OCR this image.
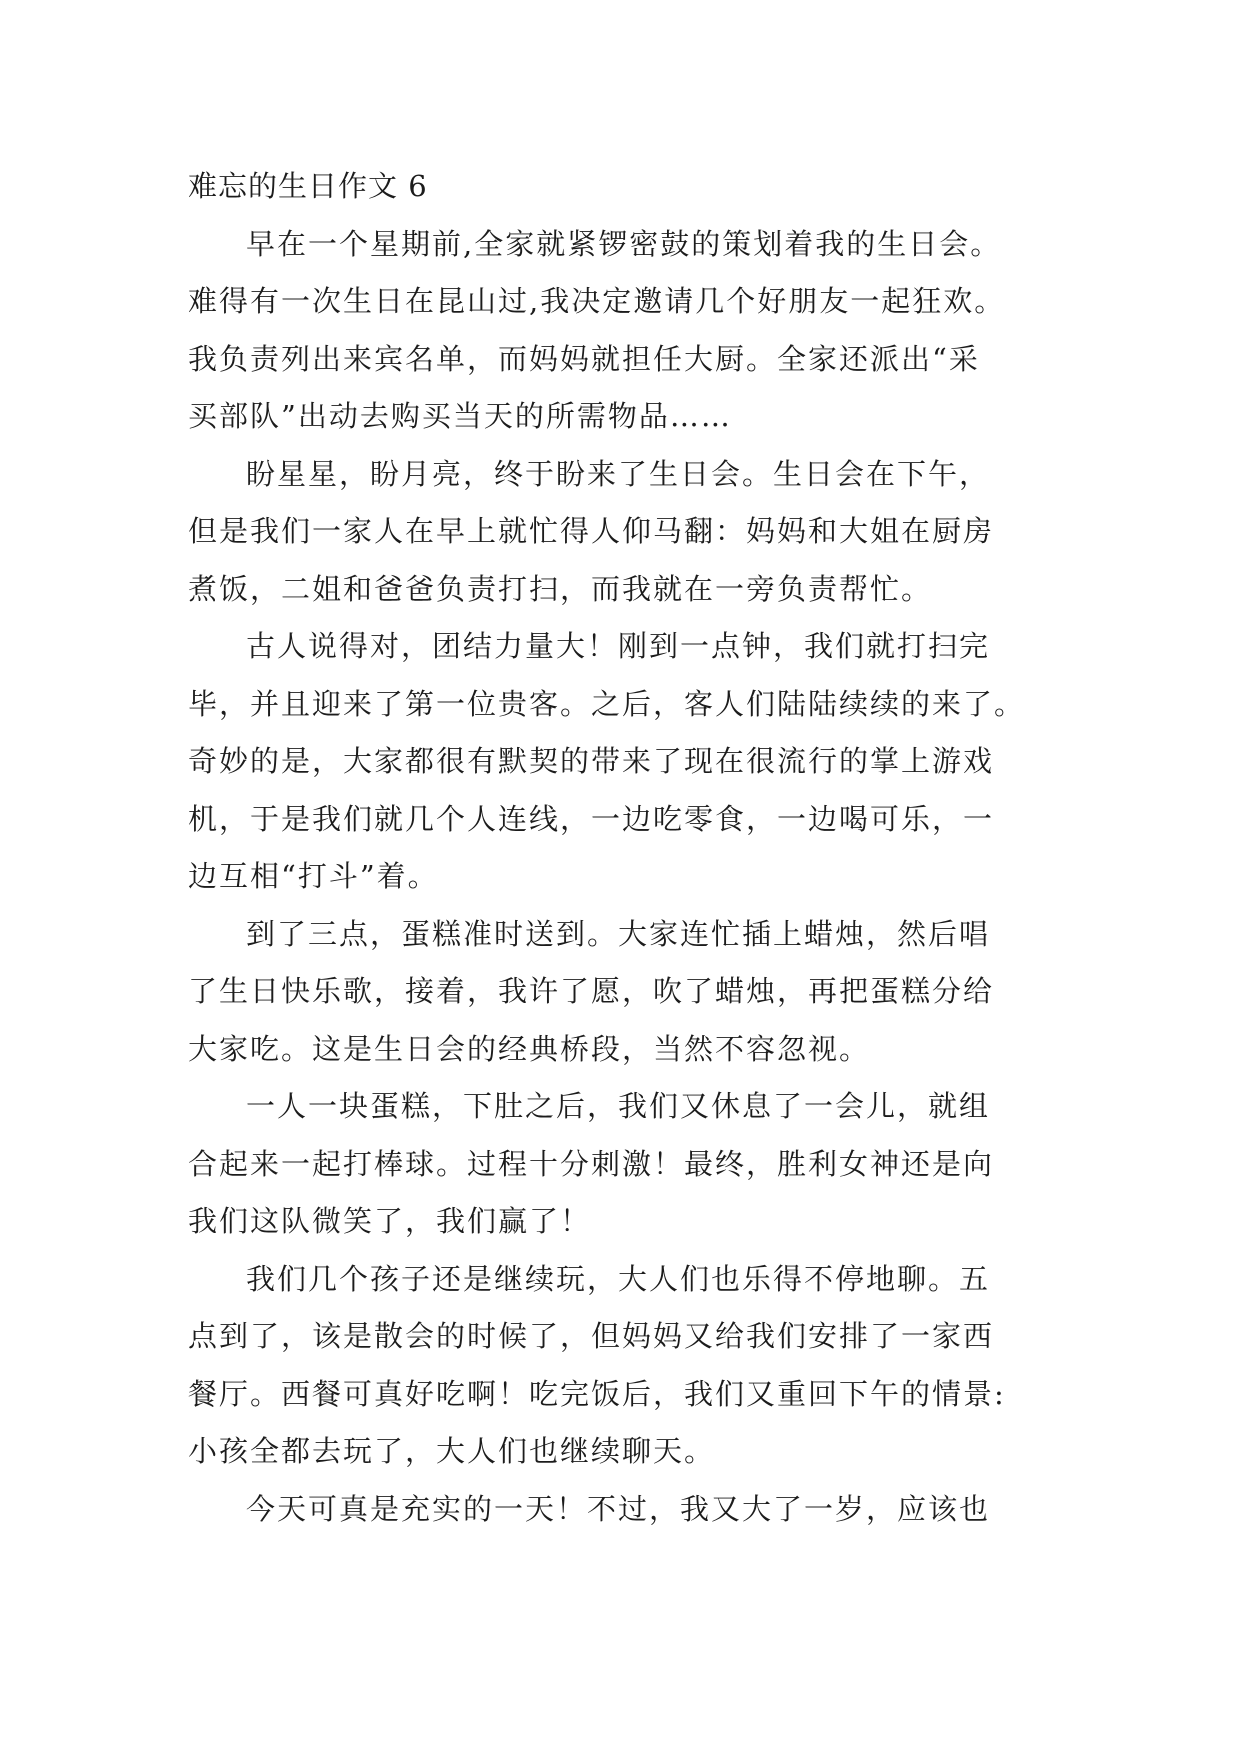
难忘的生日作文 6
早在一个星期前,全家就紧锣密鼓的策划着我的生日会。
难得有一次生日在昆山过,我决定邀请几个好朋友一起狂欢。
我负责列出来宾名单，而妈妈就担任大厨。全家还派出“采
买部队”出动去购买当天的所需物品……
盼星星，盼月亮，终于盼来了生日会。生日会在下午，
但是我们一家人在早上就忙得人仰马翻：妈妈和大姐在厨房
煮饭，二姐和爸爸负责打扫，而我就在一旁负责帮忙。
古人说得对，团结力量大！刚到一点钟，我们就打扫完
毕，并且迎来了第一位贵客。之后，客人们陆陆续续的来了。
奇妙的是，大家都很有默契的带来了现在很流行的掌上游戏
机，于是我们就几个人连线，一边吃零食，一边喝可乐，一
边互相“打斗”着。
到了三点，蛋糕准时送到。大家连忙插上蜡烛，然后唱
了生日快乐歌，接着，我许了愿，吹了蜡烛，再把蛋糕分给
大家吃。这是生日会的经典桥段，当然不容忽视。
一人一块蛋糕，下肚之后，我们又休息了一会儿，就组
合起来一起打棒球。过程十分刺激！最终，胜利女神还是向
我们这队微笑了，我们赢了！
我们几个孩子还是继续玩，大人们也乐得不停地聊。五
点到了，该是散会的时候了，但妈妈又给我们安排了一家西
餐厅。西餐可真好吃啊！吃完饭后，我们又重回下午的情景:
小孩全都去玩了，大人们也继续聊天。
今天可真是充实的一天！不过，我又大了一岁，应该也
